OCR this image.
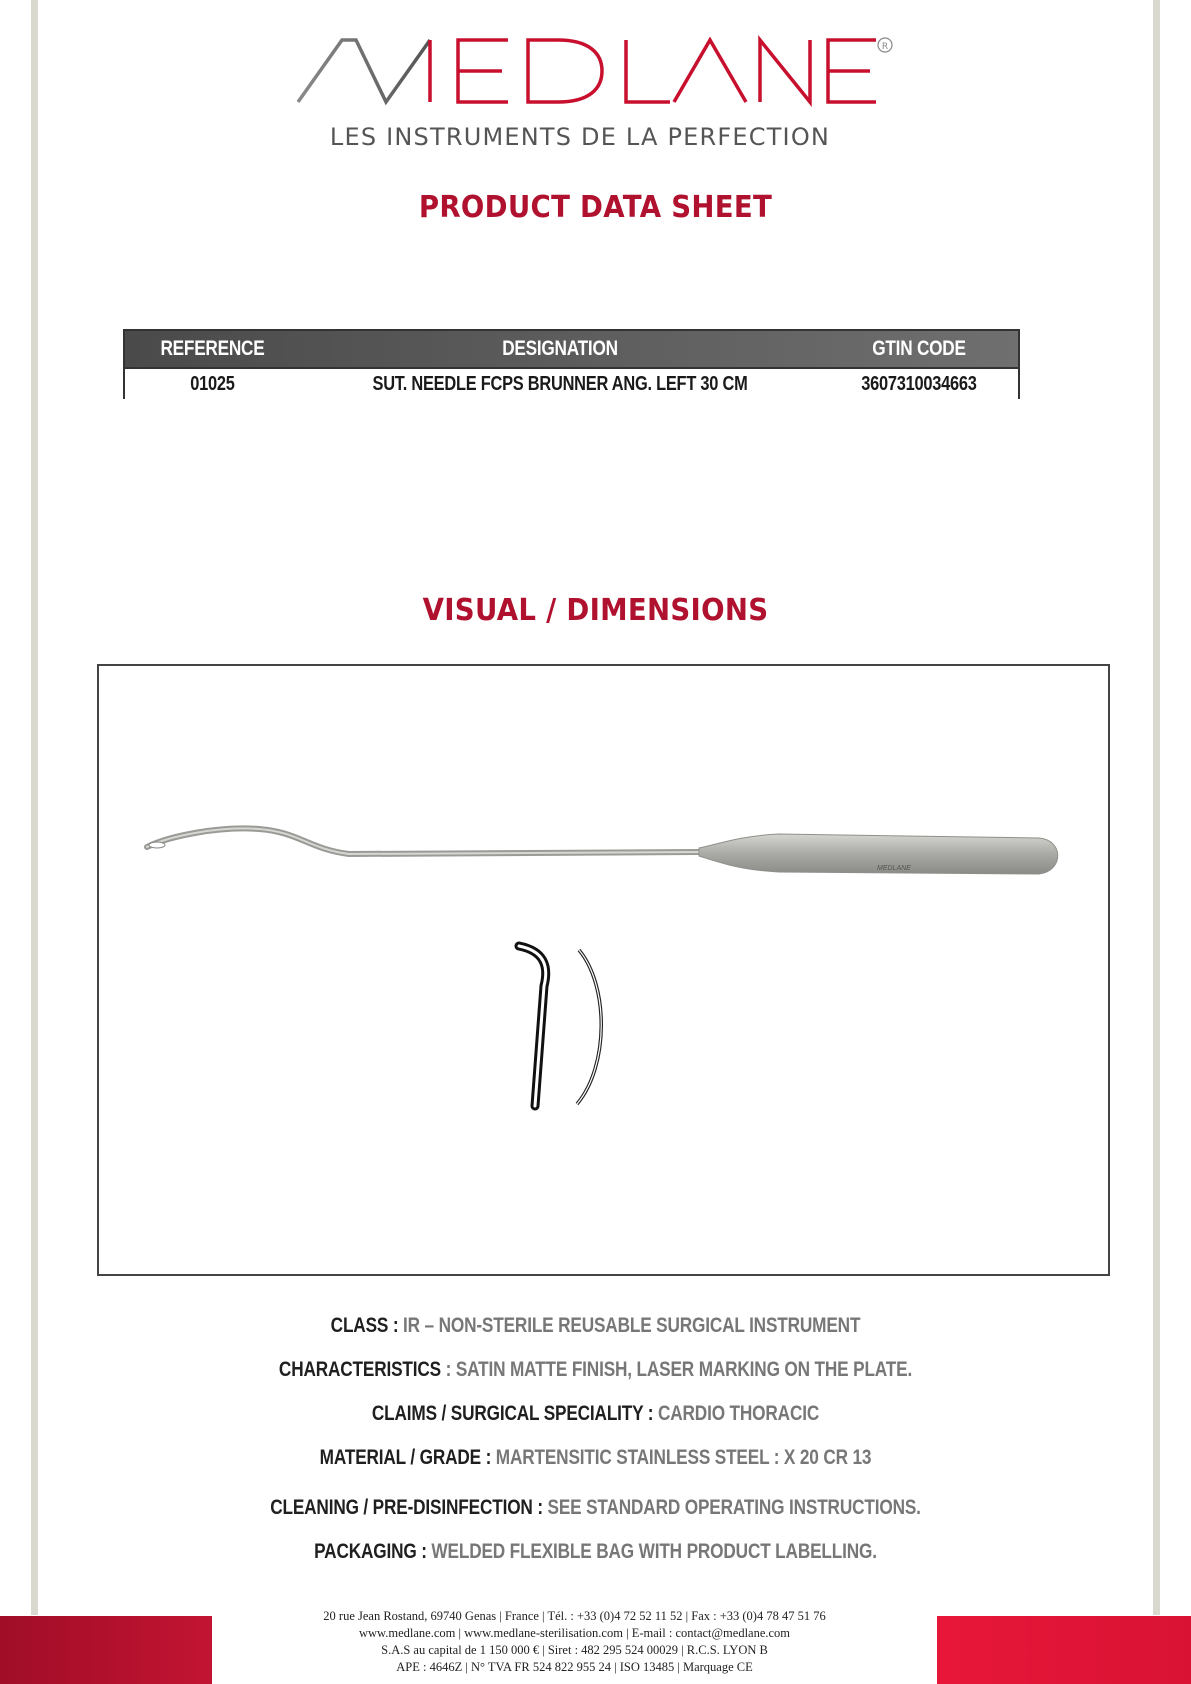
R
LES INSTRUMENTS DE LA PERFECTION
PRODUCT DATA SHEET
REFERENCE	DESIGNATION	GTIN CODE
01025	SUT. NEEDLE FCPS BRUNNER ANG. LEFT 30 CM	3607310034663
VISUAL / DIMENSIONS
MEDLANE
CLASS : IR – NON-STERILE REUSABLE SURGICAL INSTRUMENT
CHARACTERISTICS : SATIN MATTE FINISH, LASER MARKING ON THE PLATE.
CLAIMS / SURGICAL SPECIALITY : CARDIO THORACIC
MATERIAL / GRADE : MARTENSITIC STAINLESS STEEL : X 20 CR 13
CLEANING / PRE-DISINFECTION : SEE STANDARD OPERATING INSTRUCTIONS.
PACKAGING : WELDED FLEXIBLE BAG WITH PRODUCT LABELLING.
20 rue Jean Rostand, 69740 Genas | France | Tél. : +33 (0)4 72 52 11 52 | Fax : +33 (0)4 78 47 51 76
www.medlane.com | www.medlane-sterilisation.com | E-mail : contact@medlane.com
S.A.S au capital de 1 150 000 € | Siret : 482 295 524 00029 | R.C.S. LYON B
APE : 4646Z | N° TVA FR 524 822 955 24 | ISO 13485 | Marquage CE
